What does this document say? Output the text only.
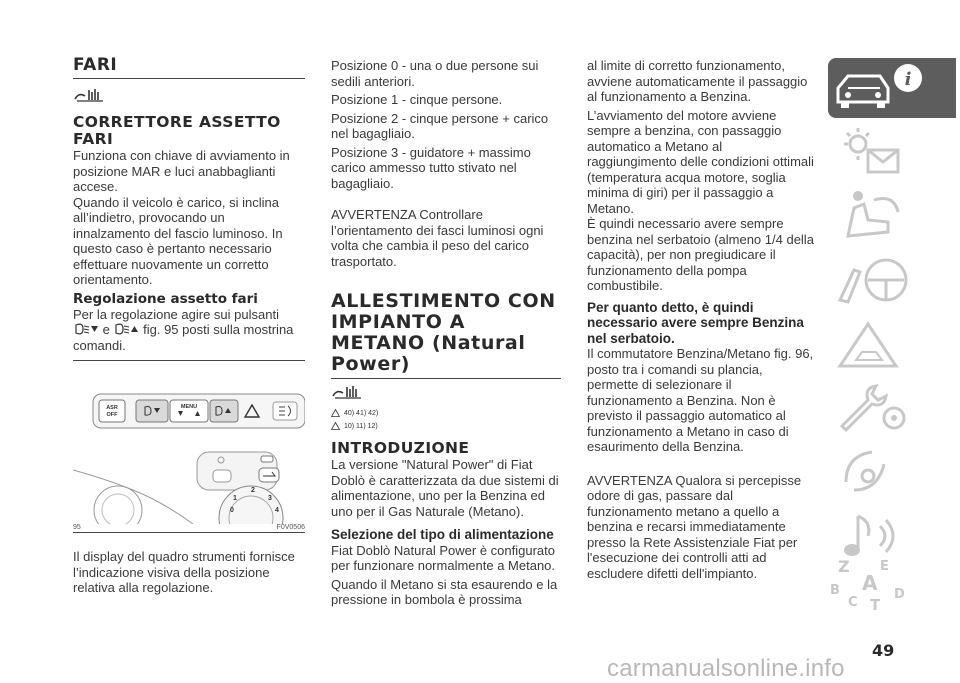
FARI
CORRETTORE ASSETTO FARI

Funziona con chiave di avviamento in posizione MAR e luci anabbaglianti accese.

Quando il veicolo è carico, si inclina all’indietro, provocando un innalzamento del fascio luminoso. In questo caso è pertanto necessario effettuare nuovamente un corretto orientamento.

Regolazione assetto fari

Per la regolazione agire sui pulsanti
e	fig. 95 posti sulla mostrina
comandi.

ASR
OFF
MENU
0
1
2
3
4
95	F0V0506

Il display del quadro strumenti fornisce l’indicazione visiva della posizione relativa alla regolazione.

Posizione 0 - una o due persone sui sedili anteriori.

Posizione 1 - cinque persone.

Posizione 2 - cinque persone + carico nel bagagliaio.

Posizione 3 - guidatore + massimo carico ammesso tutto stivato nel bagagliaio.

AVVERTENZA Controllare l’orientamento dei fasci luminosi ogni volta che cambia il peso del carico trasportato.

ALLESTIMENTO CON IMPIANTO A METANO (Natural Power)
40) 41) 42)
10) 11) 12)
INTRODUZIONE

La versione "Natural Power" di Fiat Doblò è caratterizzata da due sistemi di alimentazione, uno per la Benzina ed uno per il Gas Naturale (Metano).

Selezione del tipo di alimentazione

Fiat Doblò Natural Power è configurato per funzionare normalmente a Metano.

Quando il Metano si sta esaurendo e la pressione in bombola è prossima

al limite di corretto funzionamento, avviene automaticamente il passaggio al funzionamento a Benzina.

L’avviamento del motore avviene sempre a benzina, con passaggio automatico a Metano al raggiungimento delle condizioni ottimali (temperatura acqua motore, soglia minima di giri) per il passaggio a Metano.

È quindi necessario avere sempre benzina nel serbatoio (almeno 1/4 della capacità), per non pregiudicare il funzionamento della pompa combustibile.

Per quanto detto, è quindi necessario avere sempre Benzina nel serbatoio.

Il commutatore Benzina/Metano fig. 96, posto tra i comandi su plancia, permette di selezionare il funzionamento a Benzina. Non è previsto il passaggio automatico al funzionamento a Metano in caso di esaurimento della Benzina.

AVVERTENZA Qualora si percepisse odore di gas, passare dal funzionamento metano a quello a benzina e recarsi immediatamente presso la Rete Assistenziale Fiat per l'esecuzione dei controlli atti ad escludere difetti dell'impianto.

i
Z E
B A
C T
D
49
carmanualsonline.info
